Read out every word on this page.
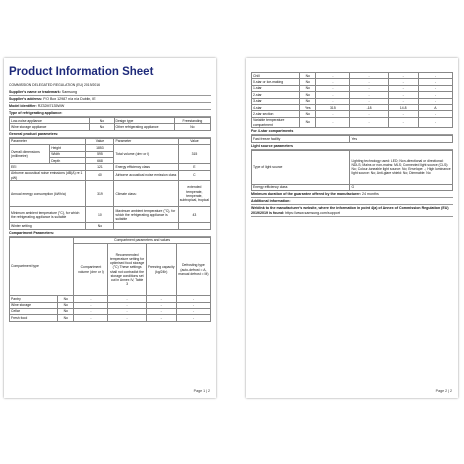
Product Information Sheet
COMMISSION DELEGATED REGULATION (EU) 2019/2016
Supplier's name or trademark: Samsung
Supplier's address: P.O Box 12987 n/a n/a Dublin, IE
Model identifier: RZ32M7135WW
Type of refrigerating appliance:
Low-noise appliance	No	Design type	Freestanding
Wine storage appliance	No	Other refrigerating appliance	No
General product parameters:
Parameter		Value	Parameter	Value
Overall dimensions (millimetre)	Height	1853	Total volume (dm³ or l)	315
	Width	595		
	Depth	668		
EEI		121	Energy efficiency class	E
Airborne acoustical noise emissions (dB(A) re 1 pW)		40	Airborne acoustical noise emission class	C
Annual energy consumption (kWh/a)		319	Climate class:	extended temperate, temperate, subtropical, tropical
Minimum ambient temperature (°C), for which the refrigerating appliance is suitable		10	Maximum ambient temperature (°C), for which the refrigerating appliance is suitable	43
Winter setting		No		
Compartment Parameters:
Compartment type		Compartment parameters and values			
		Compartment volume (dm³ or l)	Recommended temperature setting for optimised food storage (°C) These settings shall not contradict the storage conditions set out in Annex IV, Table 3	Freezing capacity (kg/24h)	Defrosting type (auto-defrost = A, manual defrost = M)
Pantry	No	-	-	-	-
Wine storage	No	-	-	-	-
Cellar	No	-	-	-	-
Fresh food	No	-	-	-	-
Page 1 | 2
Chill	No	-	-	-	-
0-star or Ice-making	No	-	-	-	-
1-star	No	-	-	-	-
2-star	No	-	-	-	-
3-star	No	-	-	-	-
4-star	Yes	315	-18	14.8	A
2-star section	No	-	-	-	-
Variable temperature compartment	No	-	-	-	-
For 4-star compartments
Fast freeze facility	Yes
Light source parameters
Type of light source	Lighting technology used: LED; Non-directional or directional: NDLS; Mains or non-mains: MLS; Connected light source (CLS): No; Colour-tuneable light source: No; Envelope: -; High luminance light source: No; Anti-glare shield: No; Dimmable: No
Energy efficiency class	G
Minimum duration of the guarantee offered by the manufacturer: 24 months
Additional information:
Weblink to the manufacturer's website, where the information in point 4(a) of Annex of Commission Regulation (EU) 2019/2019 is found: https://www.samsung.com/support
Page 2 | 2
